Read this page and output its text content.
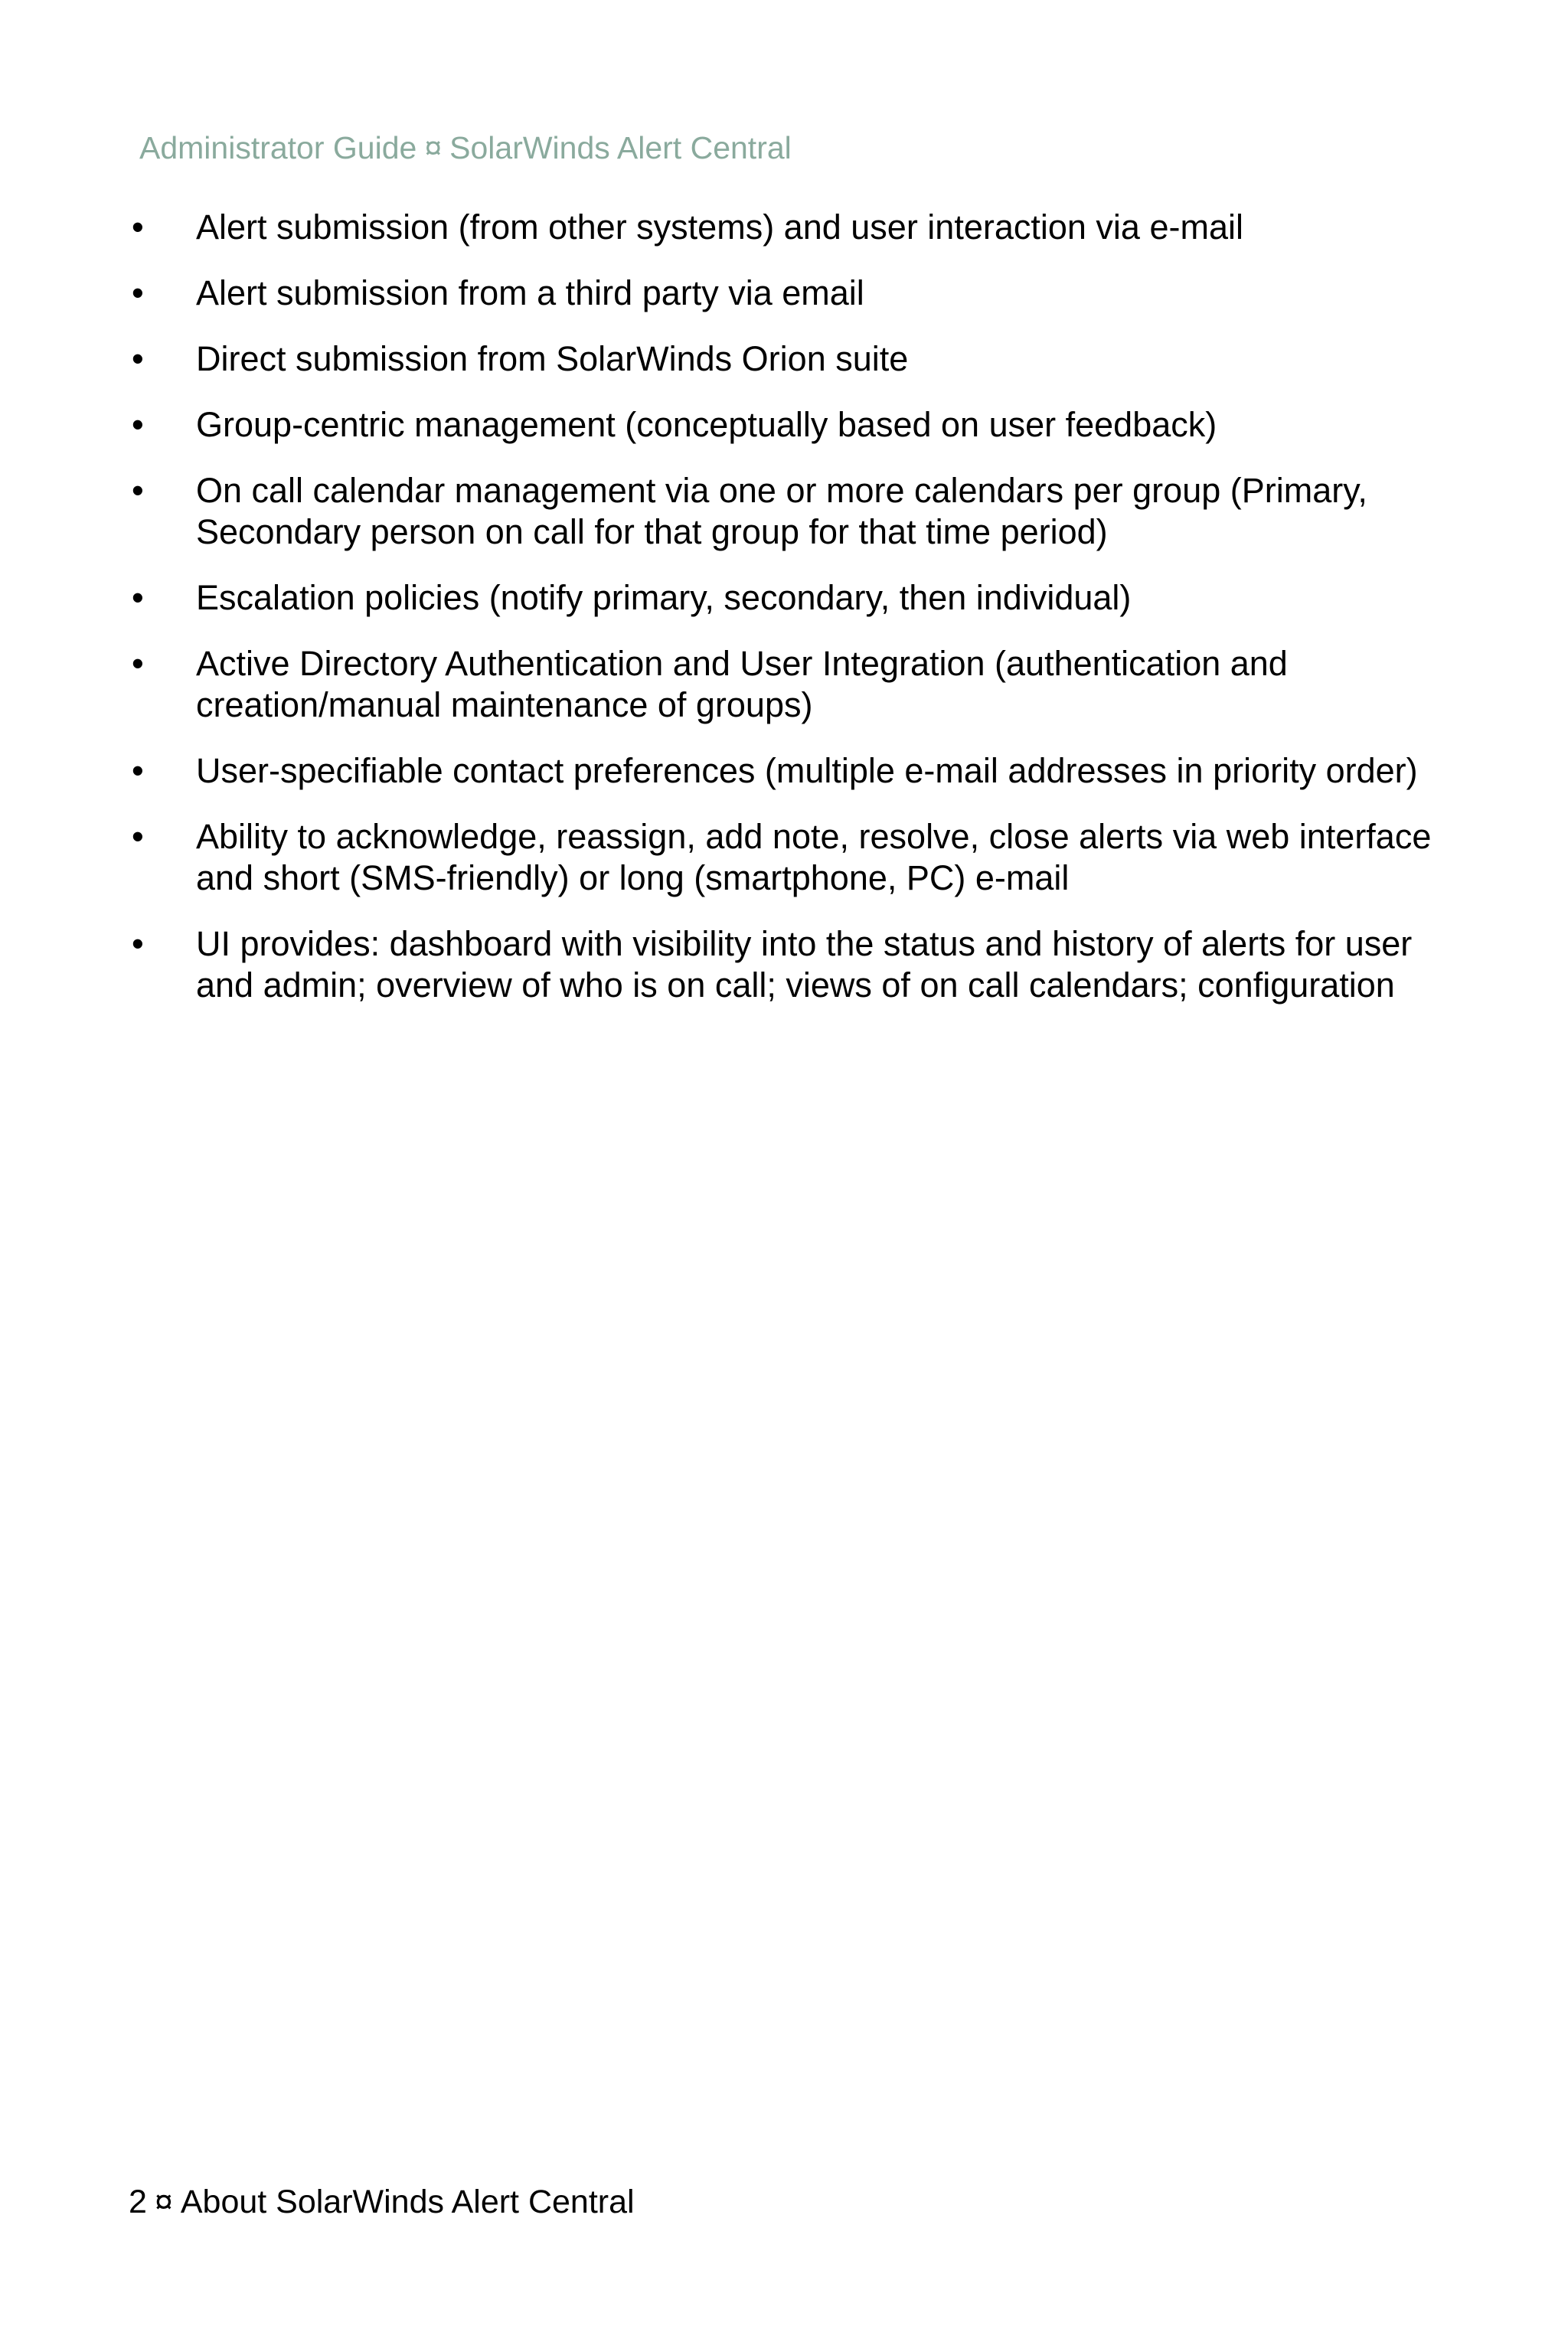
Administrator Guide ¤ SolarWinds Alert Central
•	Alert submission (from other systems) and user interaction via e-mail
•	Alert submission from a third party via email
•	Direct submission from SolarWinds Orion suite
•	Group-centric management (conceptually based on user feedback)
•	On call calendar management via one or more calendars per group (Primary, Secondary person on call for that group for that time period)
•	Escalation policies (notify primary, secondary, then individual)
•	Active Directory Authentication and User Integration (authentication and creation/manual maintenance of groups)
•	User-specifiable contact preferences (multiple e-mail addresses in priority order)
•	Ability to acknowledge, reassign, add note, resolve, close alerts via web interface and short (SMS-friendly) or long (smartphone, PC) e-mail
•	UI provides: dashboard with visibility into the status and history of alerts for user and admin; overview of who is on call; views of on call calendars; configuration
2 ¤ About SolarWinds Alert Central
